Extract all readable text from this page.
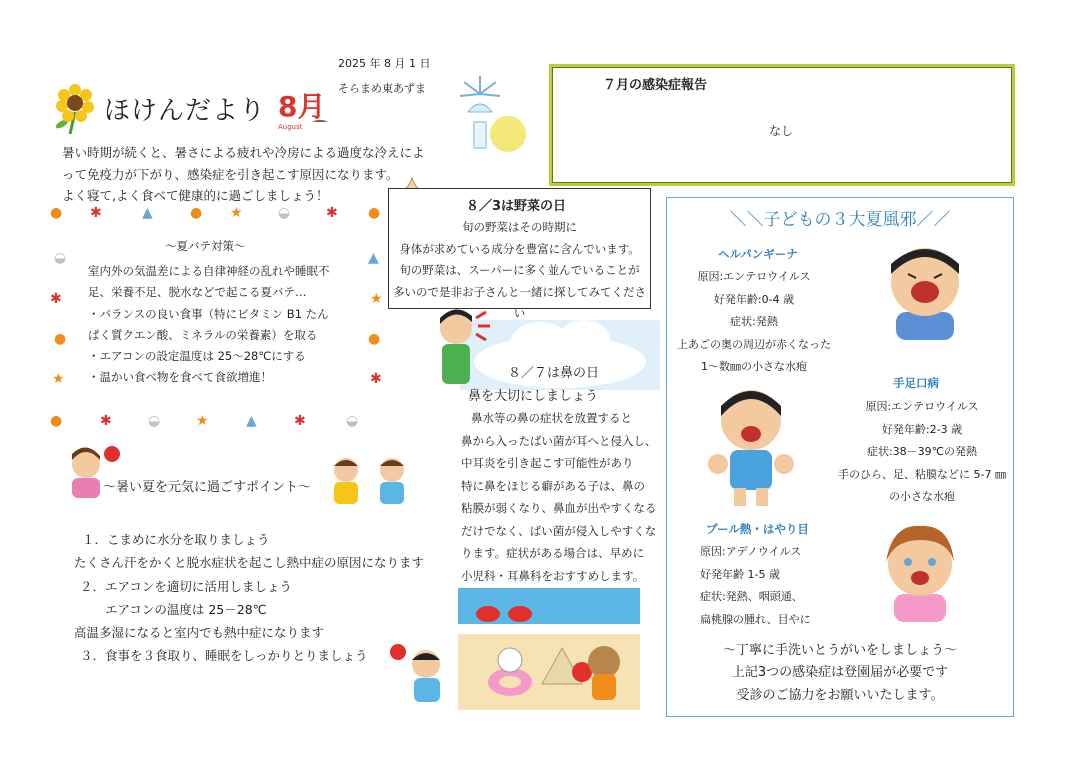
2025 年 8 月 1 日
そらまめ東あずま
ほけんだより 8月
August
暑い時期が続くと、暑さによる疲れや冷房による過度な冷えによ
って免疫力が下がり、感染症を引き起こす原因になります。
よく寝て,よく食べて健康的に過ごしましょう！
７月の感染症報告
なし
● ✱	▲	● ★	◒	✱ ●
◒
✱
●
★
▲
★
●
✱
●	✱	◒	★	▲	✱	◒
～夏バテ対策～
室内外の気温差による自律神経の乱れや睡眠不
足、栄養不足、脱水などで起こる夏バテ…
・バランスの良い食事（特にビタミン B1 たん
ぱく質クエン酸、ミネラルの栄養素）を取る
・エアコンの設定温度は 25～28℃にする
・温かい食べ物を食べて食欲増進！
８／3は野菜の日
旬の野菜はその時期に
身体が求めている成分を豊富に含んでいます。
旬の野菜は、スーパーに多く並んでいることが
多いので是非お子さんと一緒に探してみてください
８／７は鼻の日
鼻を大切にしましょう
鼻水等の鼻の症状を放置すると
鼻から入ったばい菌が耳へと侵入し、
中耳炎を引き起こす可能性があり
特に鼻をほじる癖がある子は、鼻の
粘膜が弱くなり、鼻血が出やすくなる
だけでなく、ばい菌が侵入しやすくな
ります。症状がある場合は、早めに
小児科・耳鼻科をおすすめします。
～暑い夏を元気に過ごすポイント～
１．こまめに水分を取りましょう
たくさん汗をかくと脱水症状を起こし熱中症の原因になります
２．エアコンを適切に活用しましょう
　　エアコンの温度は 25－28℃
高温多湿になると室内でも熱中症になります
３．食事を３食取り、睡眠をしっかりとりましょう
＼＼子どもの３大夏風邪／／
ヘルパンギーナ
原因:エンテロウイルス
好発年齢:0-4 歳
症状:発熱
上あごの奥の周辺が赤くなった
1～数㎜の小さな水疱
手足口病
原因:エンテロウイルス
好発年齢:2-3 歳
症状:38－39℃の発熱
手のひら、足、粘膜などに 5-7 ㎜
の小さな水疱
プール熱・はやり目
原因:アデノウイルス
好発年齢 1-5 歳
症状:発熱、咽頭通、
扁桃腺の腫れ、目やに
～丁寧に手洗いとうがいをしましょう～
上記3つの感染症は登園届が必要です
受診のご協力をお願いいたします。
